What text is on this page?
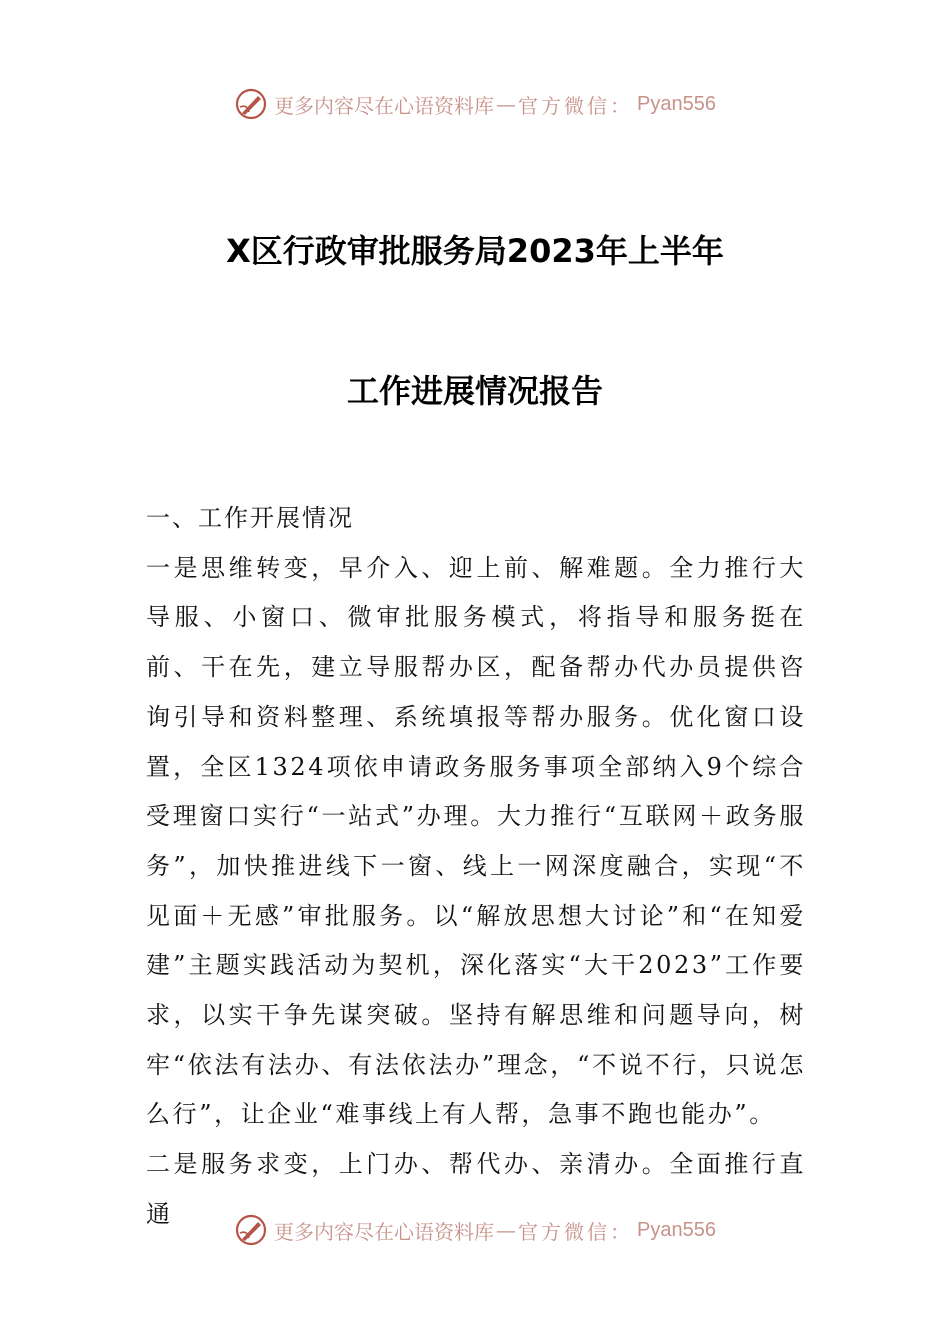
更多内容尽在心语资料库 — 官方微信： Pyan556
X区行政审批服务局2023年上半年
工作进展情况报告

一、工作开展情况

一是思维转变，早介入、迎上前、解难题。全力推行大导服、小窗口、微审批服务模式，将指导和服务挺在前、干在先，建立导服帮办区，配备帮办代办员提供咨询引导和资料整理、系统填报等帮办服务。优化窗口设置，全区1324项依申请政务服务事项全部纳入9个综合受理窗口实行“一站式”办理。大力推行“互联网＋政务服务”，加快推进线下一窗、线上一网深度融合，实现“不见面＋无感”审批服务。以“解放思想大讨论”和“在知爱建”主题实践活动为契机，深化落实“大干2023”工作要求，以实干争先谋突破。坚持有解思维和问题导向，树牢“依法有法办、有法依法办”理念，“不说不行，只说怎么行”，让企业“难事线上有人帮，急事不跑也能办”。

二是服务求变，上门办、帮代办、亲清办。全面推行直通

更多内容尽在心语资料库 — 官方微信： Pyan556
